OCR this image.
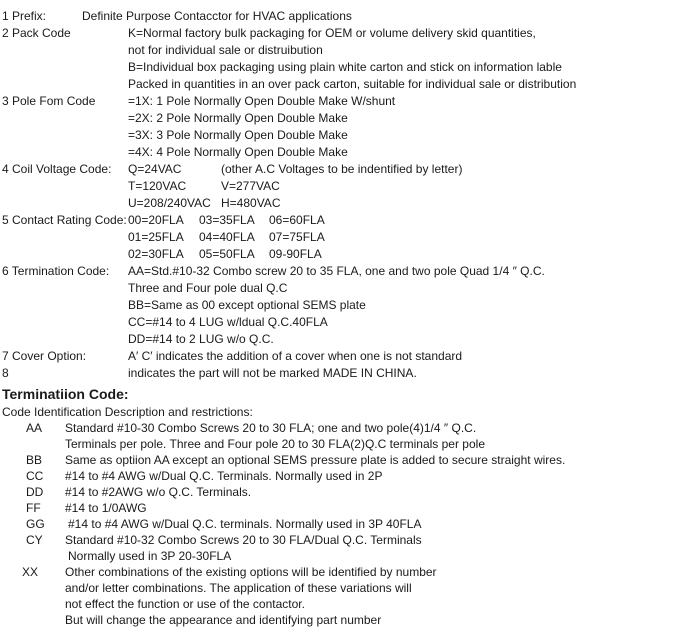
1 Prefix:	Definite Purpose Contacctor for HVAC applications
2 Pack Code	K=Normal factory bulk packaging for OEM or volume delivery skid quantities,
not for individual sale or distruibution
B=Individual box packaging using plain white carton and stick on information lable
Packed in quantities in an over pack carton, suitable for individual sale or distribution
3 Pole Fom Code	=1X: 1 Pole Normally Open Double Make W/shunt
=2X: 2 Pole Normally Open Double Make
=3X: 3 Pole Normally Open Double Make
=4X: 4 Pole Normally Open Double Make
4 Coil Voltage Code: Q=24VAC	(other A.C Voltages to be indentified by letter)
T=120VAC	V=277VAC
U=208/240VAC H=480VAC
5 Contact Rating Code: 00=20FLA 03=35FLA 06=60FLA
01=25FLA 04=40FLA 07=75FLA
02=30FLA 05=50FLA 09-90FLA
6 Termination Code: AA=Std.#10-32 Combo screw 20 to 35 FLA, one and two pole Quad 1/4 ″ Q.C.
Three and Four pole dual Q.C
BB=Same as 00 except optional SEMS plate
CC=#14 to 4 LUG w/ldual Q.C.40FLA
DD=#14 to 2 LUG w/o Q.C.
7 Cover Option:	A′ C′ indicates the addition of a cover when one is not standard
8	indicates the part will not be marked MADE IN CHINA.
Terminatiion Code:
Code Identification Description and restrictions:
AA Standard #10-30 Combo Screws 20 to 30 FLA; one and two pole(4)1/4 ″ Q.C.
Terminals per pole. Three and Four pole 20 to 30 FLA(2)Q.C terminals per pole
BB Same as optiion AA except an optional SEMS pressure plate is added to secure straight wires.
CC #14 to #4 AWG w/Dual Q.C. Terminals. Normally used in 2P
DD #14 to #2AWG w/o Q.C. Terminals.
FF #14 to 1/0AWG
GG #14 to #4 AWG w/Dual Q.C. terminals. Normally used in 3P 40FLA
CY Standard #10-32 Combo Screws 20 to 30 FLA/Dual Q.C. Terminals
Normally used in 3P 20-30FLA
XX Other combinations of the existing options will be identified by number
and/or letter combinations. The application of these variations will
not effect the function or use of the contactor.
But will change the appearance and identifying part number
